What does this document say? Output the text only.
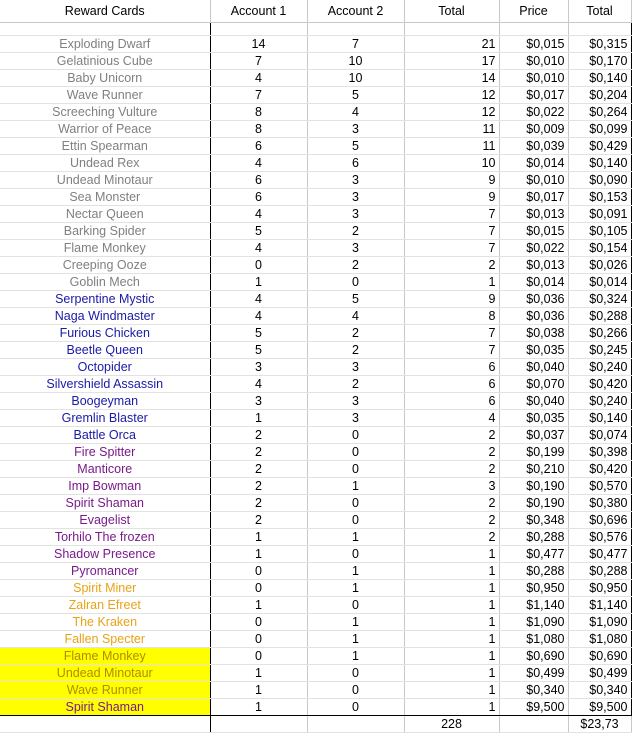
Reward Cards	Account 1	Account 2	Total	Price	Total

Exploding Dwarf	14	7	21	$0,015	$0,315
Gelatinious Cube	7	10	17	$0,010	$0,170
Baby Unicorn	4	10	14	$0,010	$0,140
Wave Runner	7	5	12	$0,017	$0,204
Screeching Vulture	8	4	12	$0,022	$0,264
Warrior of Peace	8	3	11	$0,009	$0,099
Ettin Spearman	6	5	11	$0,039	$0,429
Undead Rex	4	6	10	$0,014	$0,140
Undead Minotaur	6	3	9	$0,010	$0,090
Sea Monster	6	3	9	$0,017	$0,153
Nectar Queen	4	3	7	$0,013	$0,091
Barking Spider	5	2	7	$0,015	$0,105
Flame Monkey	4	3	7	$0,022	$0,154
Creeping Ooze	0	2	2	$0,013	$0,026
Goblin Mech	1	0	1	$0,014	$0,014
Serpentine Mystic	4	5	9	$0,036	$0,324
Naga Windmaster	4	4	8	$0,036	$0,288
Furious Chicken	5	2	7	$0,038	$0,266
Beetle Queen	5	2	7	$0,035	$0,245
Octopider	3	3	6	$0,040	$0,240
Silvershield Assassin	4	2	6	$0,070	$0,420
Boogeyman	3	3	6	$0,040	$0,240
Gremlin Blaster	1	3	4	$0,035	$0,140
Battle Orca	2	0	2	$0,037	$0,074
Fire Spitter	2	0	2	$0,199	$0,398
Manticore	2	0	2	$0,210	$0,420
Imp Bowman	2	1	3	$0,190	$0,570
Spirit Shaman	2	0	2	$0,190	$0,380
Evagelist	2	0	2	$0,348	$0,696
Torhilo The frozen	1	1	2	$0,288	$0,576
Shadow Presence	1	0	1	$0,477	$0,477
Pyromancer	0	1	1	$0,288	$0,288
Spirit Miner	0	1	1	$0,950	$0,950
Zalran Efreet	1	0	1	$1,140	$1,140
The Kraken	0	1	1	$1,090	$1,090
Fallen Specter	0	1	1	$1,080	$1,080
Flame Monkey	0	1	1	$0,690	$0,690
Undead Minotaur	1	0	1	$0,499	$0,499
Wave Runner	1	0	1	$0,340	$0,340
Spirit Shaman	1	0	1	$9,500	$9,500
			228		$23,73
